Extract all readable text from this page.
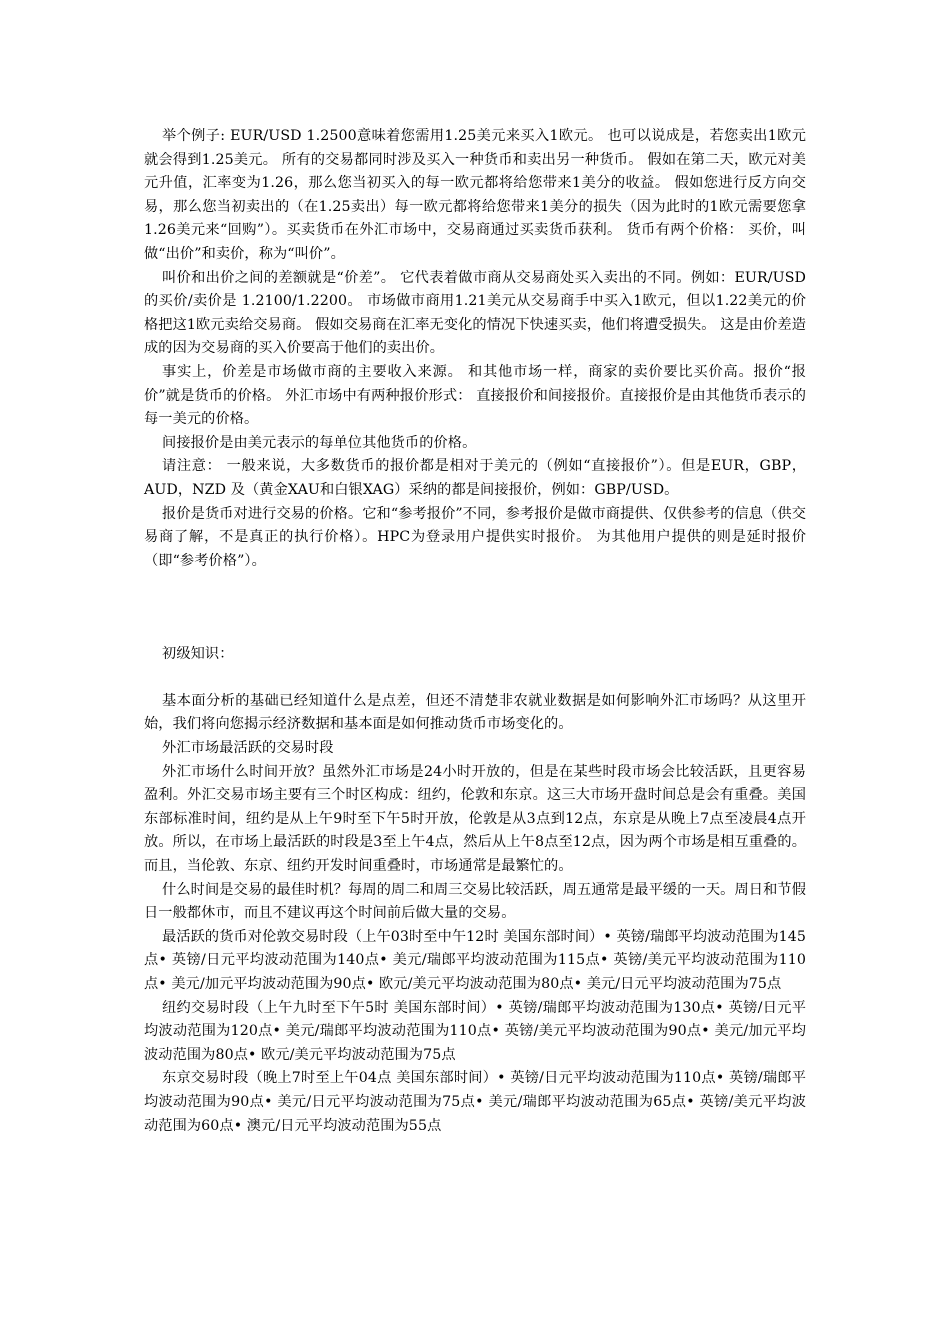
举个例子: EUR/USD 1.2500意味着您需用1.25美元来买入1欧元。 也可以说成是，若您卖出1欧元就会得到1.25美元。 所有的交易都同时涉及买入一种货币和卖出另一种货币。 假如在第二天，欧元对美元升值，汇率变为1.26，那么您当初买入的每一欧元都将给您带来1美分的收益。 假如您进行反方向交易，那么您当初卖出的（在1.25卖出）每一欧元都将给您带来1美分的损失（因为此时的1欧元需要您拿1.26美元来“回购”）。买卖货币在外汇市场中，交易商通过买卖货币获利。 货币有两个价格： 买价，叫做“出价”和卖价，称为“叫价”。

叫价和出价之间的差额就是“价差”。 它代表着做市商从交易商处买入卖出的不同。例如：EUR/USD的买价/卖价是 1.2100/1.2200。 市场做市商用1.21美元从交易商手中买入1欧元，但以1.22美元的价格把这1欧元卖给交易商。 假如交易商在汇率无变化的情况下快速买卖，他们将遭受损失。 这是由价差造成的因为交易商的买入价要高于他们的卖出价。

事实上，价差是市场做市商的主要收入来源。 和其他市场一样，商家的卖价要比买价高。报价“报价”就是货币的价格。 外汇市场中有两种报价形式： 直接报价和间接报价。直接报价是由其他货币表示的每一美元的价格。

间接报价是由美元表示的每单位其他货币的价格。

请注意： 一般来说，大多数货币的报价都是相对于美元的（例如“直接报价”）。但是EUR，GBP，AUD，NZD 及（黄金XAU和白银XAG）采纳的都是间接报价，例如：GBP/USD。

报价是货币对进行交易的价格。它和“参考报价”不同，参考报价是做市商提供、仅供参考的信息（供交易商了解，不是真正的执行价格）。HPC为登录用户提供实时报价。 为其他用户提供的则是延时报价（即“参考价格”）。

初级知识：

基本面分析的基础已经知道什么是点差，但还不清楚非农就业数据是如何影响外汇市场吗？从这里开始，我们将向您揭示经济数据和基本面是如何推动货币市场变化的。

外汇市场最活跃的交易时段

外汇市场什么时间开放？虽然外汇市场是24小时开放的，但是在某些时段市场会比较活跃，且更容易盈利。外汇交易市场主要有三个时区构成：纽约，伦敦和东京。这三大市场开盘时间总是会有重叠。美国东部标准时间，纽约是从上午9时至下午5时开放，伦敦是从3点到12点，东京是从晚上7点至凌晨4点开放。所以，在市场上最活跃的时段是3至上午4点，然后从上午8点至12点，因为两个市场是相互重叠的。而且，当伦敦、东京、纽约开发时间重叠时，市场通常是最繁忙的。

什么时间是交易的最佳时机？每周的周二和周三交易比较活跃，周五通常是最平缓的一天。周日和节假日一般都休市，而且不建议再这个时间前后做大量的交易。

最活跃的货币对伦敦交易时段（上午03时至中午12时 美国东部时间）• 英镑/瑞郎平均波动范围为145点• 英镑/日元平均波动范围为140点• 美元/瑞郎平均波动范围为115点• 英镑/美元平均波动范围为110点• 美元/加元平均波动范围为90点• 欧元/美元平均波动范围为80点• 美元/日元平均波动范围为75点

纽约交易时段（上午九时至下午5时 美国东部时间）• 英镑/瑞郎平均波动范围为130点• 英镑/日元平均波动范围为120点• 美元/瑞郎平均波动范围为110点• 英镑/美元平均波动范围为90点• 美元/加元平均波动范围为80点• 欧元/美元平均波动范围为75点

东京交易时段（晚上7时至上午04点 美国东部时间）• 英镑/日元平均波动范围为110点• 英镑/瑞郎平均波动范围为90点• 美元/日元平均波动范围为75点• 美元/瑞郎平均波动范围为65点• 英镑/美元平均波动范围为60点• 澳元/日元平均波动范围为55点
